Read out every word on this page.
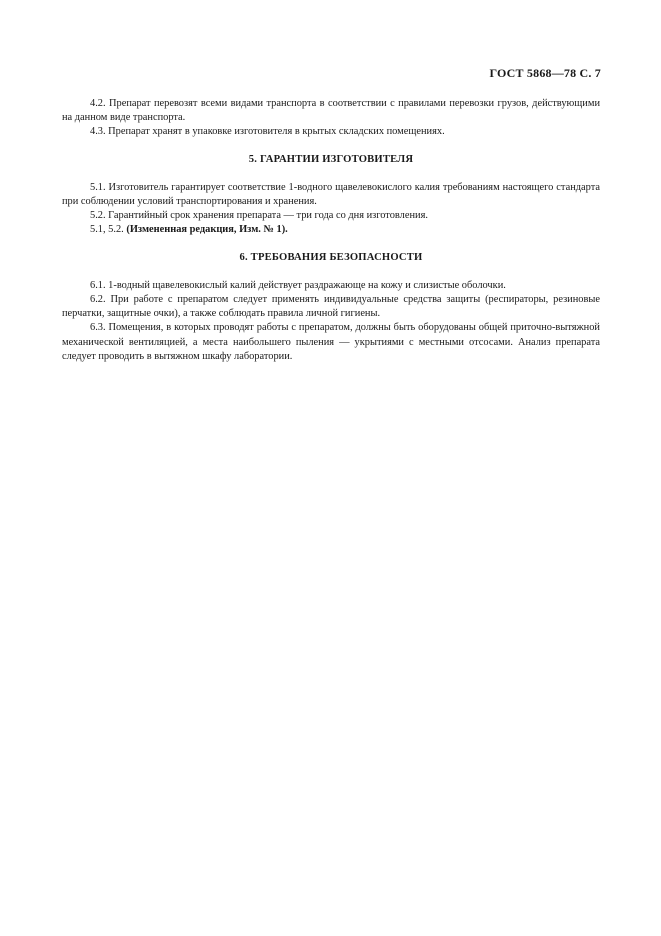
ГОСТ 5868—78 С. 7

4.2. Препарат перевозят всеми видами транспорта в соответствии с правилами перевозки грузов, действующими на данном виде транспорта.

4.3. Препарат хранят в упаковке изготовителя в крытых складских помещениях.

5. ГАРАНТИИ ИЗГОТОВИТЕЛЯ

5.1. Изготовитель гарантирует соответствие 1-водного щавелевокислого калия требованиям настоящего стандарта при соблюдении условий транспортирования и хранения.

5.2. Гарантийный срок хранения препарата — три года со дня изготовления.

5.1, 5.2. (Измененная редакция, Изм. № 1).

6. ТРЕБОВАНИЯ БЕЗОПАСНОСТИ

6.1. 1-водный щавелевокислый калий действует раздражающе на кожу и слизистые оболочки.

6.2. При работе с препаратом следует применять индивидуальные средства защиты (респираторы, резиновые перчатки, защитные очки), а также соблюдать правила личной гигиены.

6.3. Помещения, в которых проводят работы с препаратом, должны быть оборудованы общей приточно-вытяжной механической вентиляцией, а места наибольшего пыления — укрытиями с местными отсосами. Анализ препарата следует проводить в вытяжном шкафу лаборатории.
